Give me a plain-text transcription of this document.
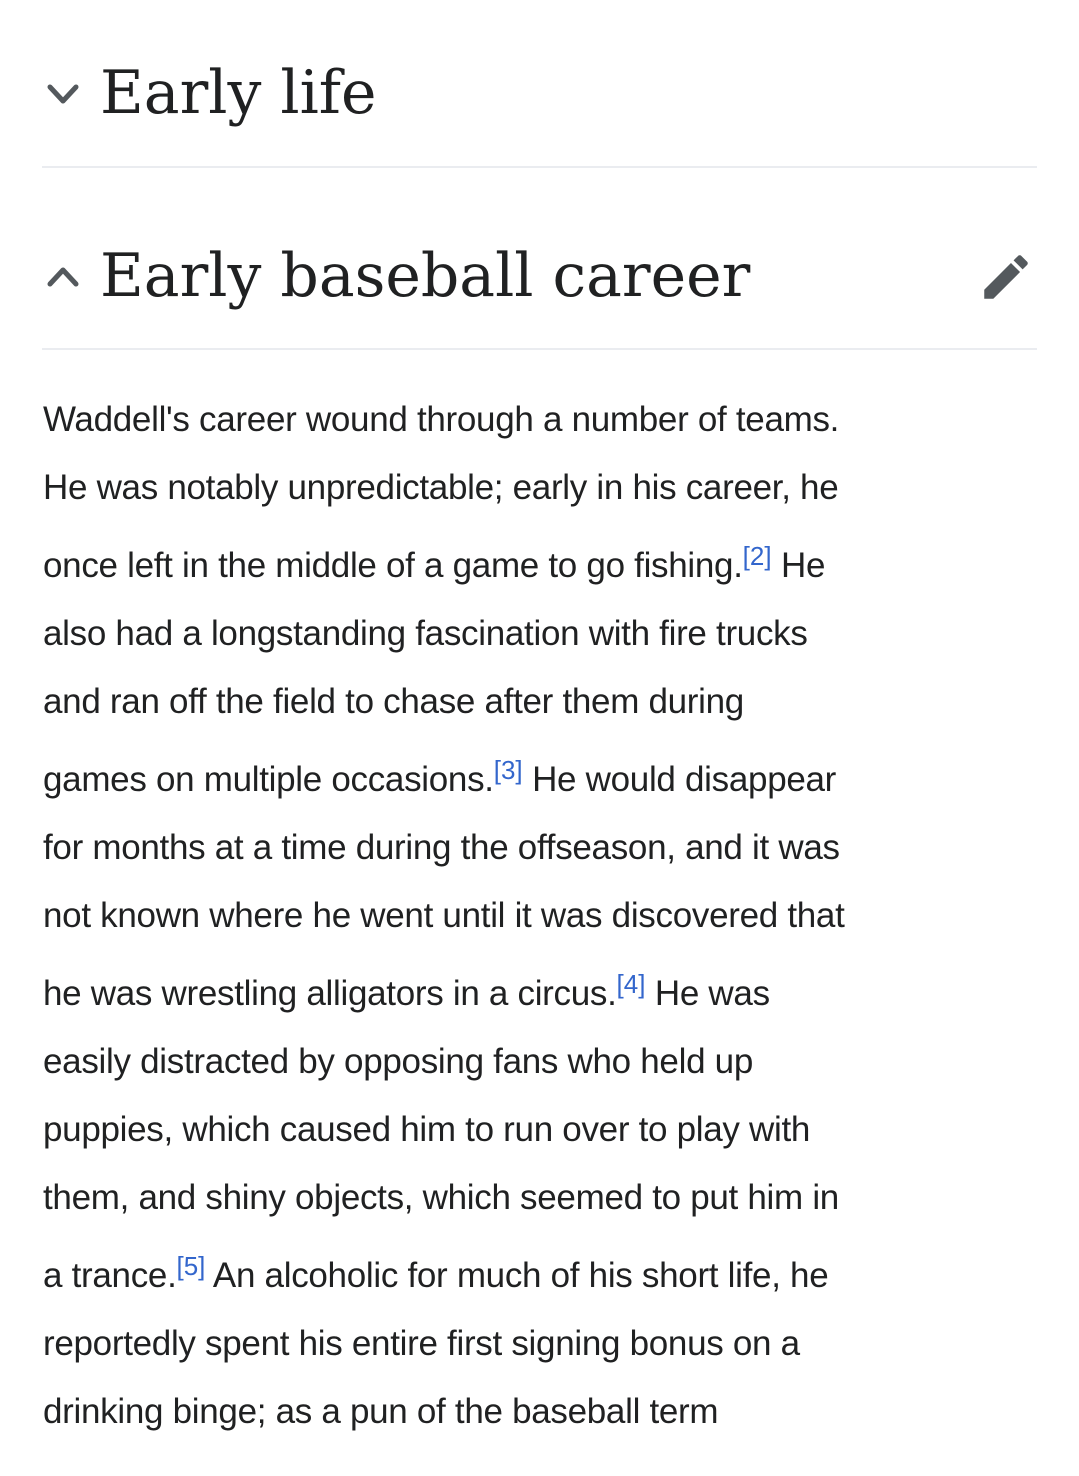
Early life
Early baseball career
Waddell's career wound through a number of teams.
He was notably unpredictable; early in his career, he
once left in the middle of a game to go fishing.[2] He
also had a longstanding fascination with fire trucks
and ran off the field to chase after them during
games on multiple occasions.[3] He would disappear
for months at a time during the offseason, and it was
not known where he went until it was discovered that
he was wrestling alligators in a circus.[4] He was
easily distracted by opposing fans who held up
puppies, which caused him to run over to play with
them, and shiny objects, which seemed to put him in
a trance.[5] An alcoholic for much of his short life, he
reportedly spent his entire first signing bonus on a
drinking binge; as a pun of the baseball term
